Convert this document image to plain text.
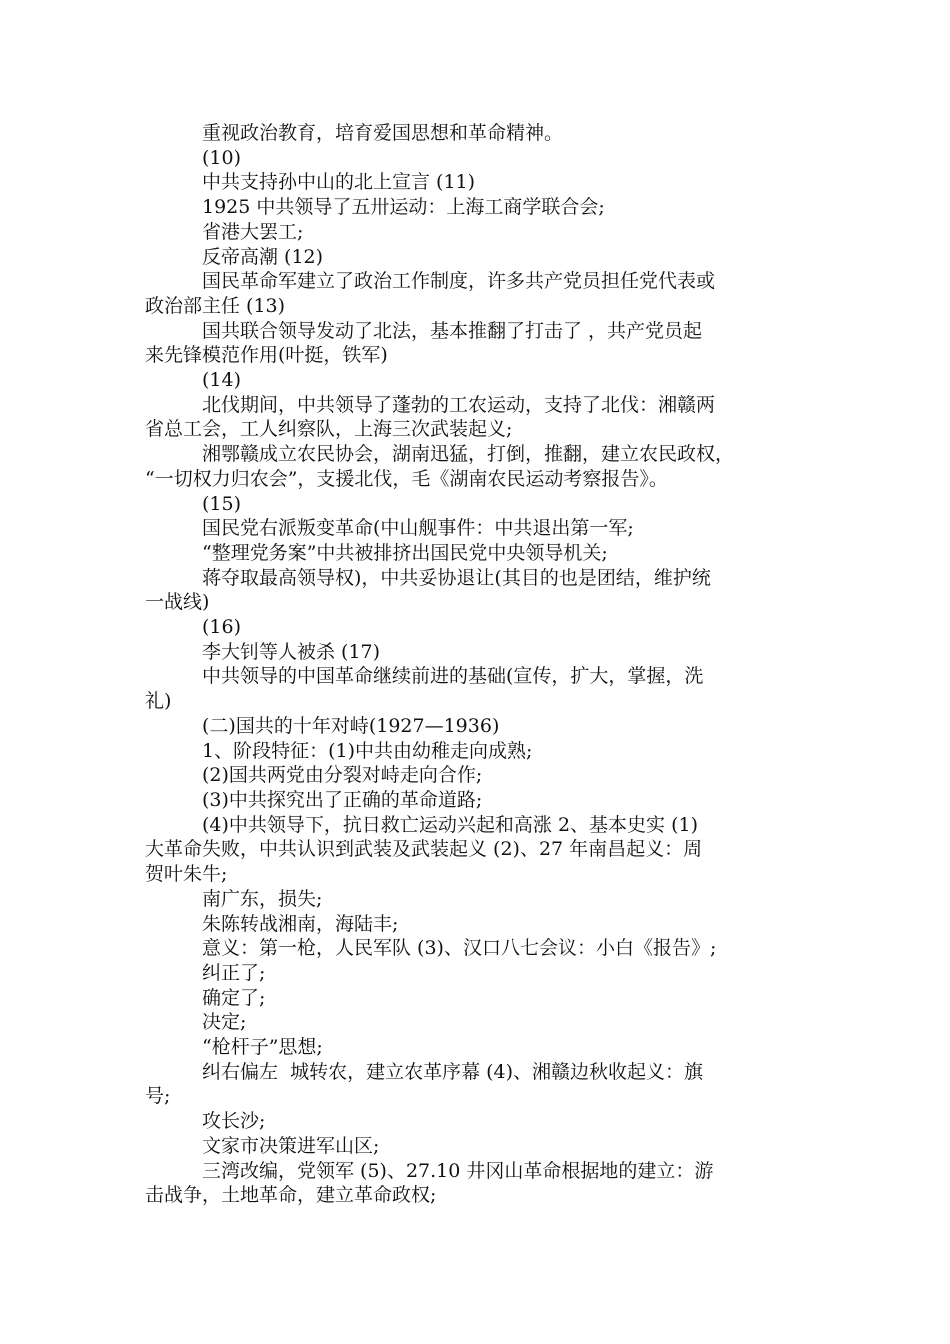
重视政治教育，培育爱国思想和革命精神。
(10)
中共支持孙中山的北上宣言 (11)
1925 中共领导了五卅运动：上海工商学联合会;
省港大罢工;
反帝高潮 (12)
国民革命军建立了政治工作制度，许多共产党员担任党代表或
政治部主任 (13)
国共联合领导发动了北法，基本推翻了打击了 ，共产党员起
来先锋模范作用(叶挺，铁军)
(14)
北伐期间，中共领导了蓬勃的工农运动，支持了北伐：湘赣两
省总工会，工人纠察队，上海三次武装起义;
湘鄂赣成立农民协会，湖南迅猛，打倒，推翻，建立农民政权，
“一切权力归农会”，支援北伐，毛《湖南农民运动考察报告》。
(15)
国民党右派叛变革命(中山舰事件：中共退出第一军;
“整理党务案”中共被排挤出国民党中央领导机关;
蒋夺取最高领导权)，中共妥协退让(其目的也是团结，维护统
一战线)
(16)
李大钊等人被杀 (17)
中共领导的中国革命继续前进的基础(宣传，扩大，掌握，洗
礼)
(二)国共的十年对峙(1927—1936)
1、阶段特征：(1)中共由幼稚走向成熟;
(2)国共两党由分裂对峙走向合作;
(3)中共探究出了正确的革命道路;
(4)中共领导下，抗日救亡运动兴起和高涨 2、基本史实 (1)
大革命失败，中共认识到武装及武装起义 (2)、27 年南昌起义：周
贺叶朱牛;
南广东，损失;
朱陈转战湘南，海陆丰;
意义：第一枪，人民军队 (3)、汉口八七会议：小白《报告》;
纠正了;
确定了;
决定;
“枪杆子”思想;
纠右偏左  城转农，建立农革序幕 (4)、湘赣边秋收起义：旗
号;
攻长沙;
文家市决策进军山区;
三湾改编，党领军 (5)、27.10 井冈山革命根据地的建立：游
击战争，土地革命，建立革命政权;
